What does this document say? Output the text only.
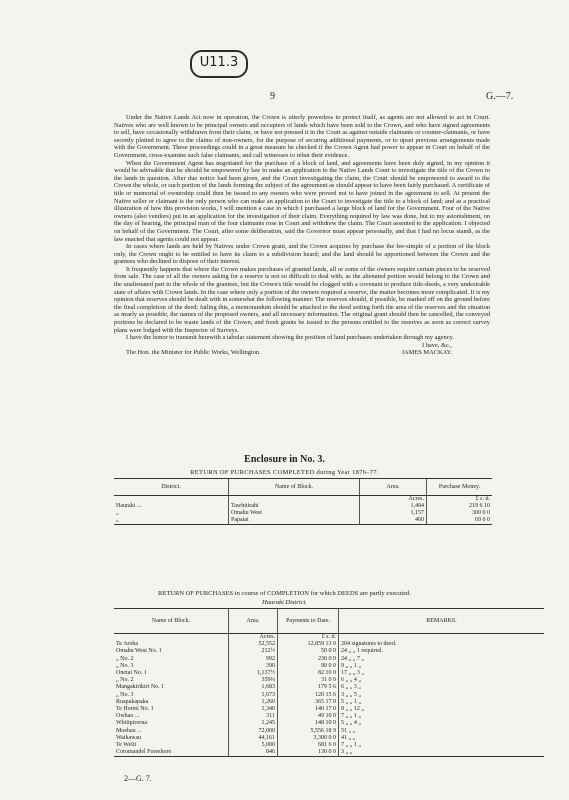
U11.3
9	G.—7.

Under the Native Lands Act now in operation, the Crown is utterly powerless to protect itself, as agents are not allowed to act in Court. Natives who are well known to be principal owners and occupiers of lands which have been sold to the Crown, and who have signed agreements to sell, have occasionally withdrawn from their claim, or have not pressed it in the Court as against outside claimants or counter-claimants, or have secretly plotted to agree to the claims of non-owners, for the purpose of securing additional payments, or to upset previous arrangements made with the Government. These proceedings could in a great measure be checked if the Crown Agent had power to appear in Court on behalf of the Government, cross-examine such false claimants, and call witnesses to rebut their evidence.

When the Government Agent has negotiated for the purchase of a block of land, and agreements have been duly signed, in my opinion it would be advisable that he should be empowered by law to make an application to the Native Lands Court to investigate the title of the Crown to the lands in question. After due notice had been given, and the Court investigating the claim, the Court should be empowered to award to the Crown the whole, or such portion of the lands forming the subject of the agreement as should appear to have been fairly purchased. A certificate of title or memorial of ownership could then be issued to any owners who were proved not to have joined in the agreement to sell. At present the Native seller or claimant is the only person who can make an application to the Court to investigate the title to a block of land; and as a practical illustration of how this provision works, I will mention a case in which I purchased a large block of land for the Government. Four of the Native owners (also vendors) put in an application for the investigation of their claim. Everything required by law was done, but to my astonishment, on the day of hearing, the principal man of the four claimants rose in Court and withdrew the claim. The Court assented to the application. I objected on behalf of the Government. The Court, after some deliberation, said the Governor must appear personally, and that I had no locus standi, as the law enacted that agents could not appear.

In cases where lands are held by Natives under Crown grant, and the Crown acquires by purchase the fee-simple of a portion of the block only, the Crown ought to be entitled to have its claim to a subdivision heard; and the land should be apportioned between the Crown and the grantees who declined to dispose of their interest.

It frequently happens that where the Crown makes purchases of granted lands, all or some of the owners require certain pieces to be reserved from sale. The case of all the owners asking for a reserve is not so difficult to deal with, as the alienated portion would belong to the Crown and the unalienated part to the whole of the grantees, but the Crown's title would be clogged with a covenant to produce title-deeds, a very undesirable state of affairs with Crown lands. In the case where only a portion of the owners required a reserve, the matter becomes more complicated. It is my opinion that reserves should be dealt with in somewhat the following manner: The reserves should, if possible, be marked off on the ground before the final completion of the deed; failing this, a memorandum should be attached to the deed setting forth the area of the reserves and the situation as nearly as possible, the names of the proposed owners, and all necessary information. The original grant should then be cancelled, the conveyed portions be declared to be waste lands of the Crown, and fresh grants be issued to the persons entitled to the reserves as soon as correct survey plans were lodged with the Inspector of Surveys.

I have the honor to transmit herewith a tabular statement showing the position of land purchases undertaken through my agency.

I have, &c.,
The Hon. the Minister for Public Works, Wellington.	JAMES MACKAY.
Enclosure in No. 3.
RETURN OF PURCHASES COMPLETED during Year 1876–77.
District.	Name of Block.	Area.	Purchase Money.
		Acres.	£ s. d.
Hauraki ...	Tawhitirahi	1,484	219 6 10
„	Omahu West	1,157	300 0 0
„	Papatai	460	69 0 0
RETURN OF PURCHASES in course of COMPLETION for which DEEDS are partly executed.
Hauraki District.
Name of Block.	Area.	Payments to Date.	REMARKS.
	Acres.	£ s. d.	
Te Aroha	52,552	12,859 13 0	204 signatures to deed.
Omahu West No. 1	212½	50 0 0	24 „ „ 1 required.
„ No. 2	992	230 0 0	24 „ „ 7 „
„ No. 3	390	90 0 0	9 „ „ 1 „
Onetai No. 1	1,137½	82 10 0	17 „ „ 3 „
„ No. 2	359¼	31 0 0	6 „ „ 4 „
Mangakirikiri No. 1	1,683	179 5 6	6 „ „ 3 „
„ No. 3	1,673	120 15 6	3 „ „ 5 „
Ruapakapaka	1,260	365 17 0	5 „ „ 1 „
Te Horeti No. 1	1,340	140 17 0	8 „ „ 12 „
Owhao ...	311	49 10 0	7 „ „ 1 „
Whitipirorua	1,245	148 10 0	5 „ „ 4 „
Moehau ...	72,000	5,556 18 9	51 „ „
Waikawau	44,161	3,300 0 0	41 „ „
Te Weiti	5,000	681 6 0	7 „ „ 1 „
Coromandel Foreshore	846	130 0 0	3 „ „
2—G. 7.
